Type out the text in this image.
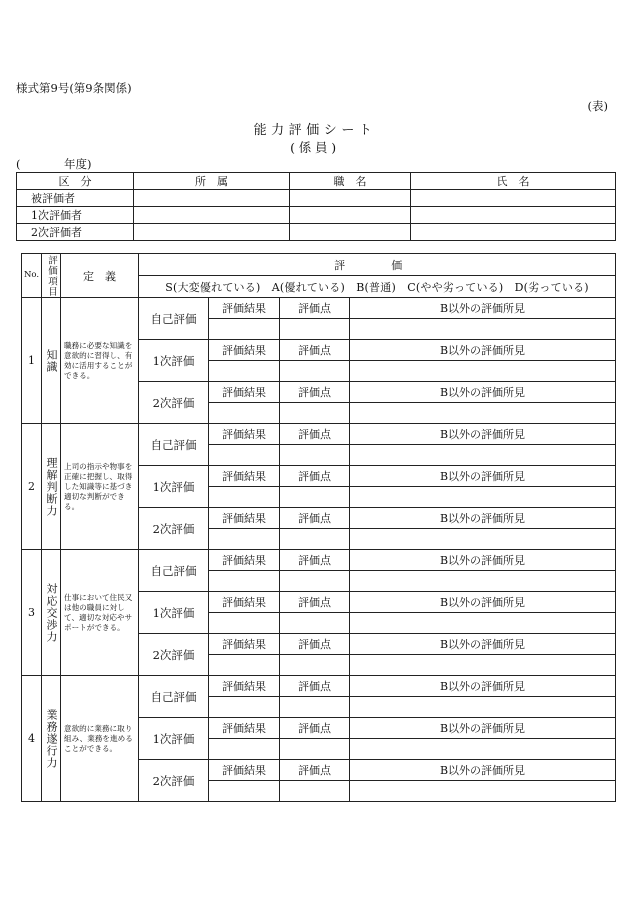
様式第9号(第9条関係)
(表)
能力評価シート
(係員)
(	年度)
区　分	所　属	職　名	氏　名
被評価者			
1次評価者			
2次評価者			
No.	評価項目	定　義	評　価			
			S(大変優れている)　A(優れている)　B(普通)　C(やや劣っている)　D(劣っている)			
1	知識	職務に必要な知識を意欲的に習得し、有効に活用することができる。	自己評価	評価結果	評価点	B以外の評価所見

			1次評価	評価結果	評価点	B以外の評価所見

			2次評価	評価結果	評価点	B以外の評価所見

2	理解判断力	上司の指示や物事を正確に把握し、取得した知識等に基づき適切な判断ができる。	自己評価	評価結果	評価点	B以外の評価所見

			1次評価	評価結果	評価点	B以外の評価所見

			2次評価	評価結果	評価点	B以外の評価所見

3	対応交渉力	仕事において住民又は他の職員に対して、適切な対応やサポートができる。	自己評価	評価結果	評価点	B以外の評価所見

			1次評価	評価結果	評価点	B以外の評価所見

			2次評価	評価結果	評価点	B以外の評価所見

4	業務遂行力	意欲的に業務に取り組み、業務を進めることができる。	自己評価	評価結果	評価点	B以外の評価所見

			1次評価	評価結果	評価点	B以外の評価所見

			2次評価	評価結果	評価点	B以外の評価所見
